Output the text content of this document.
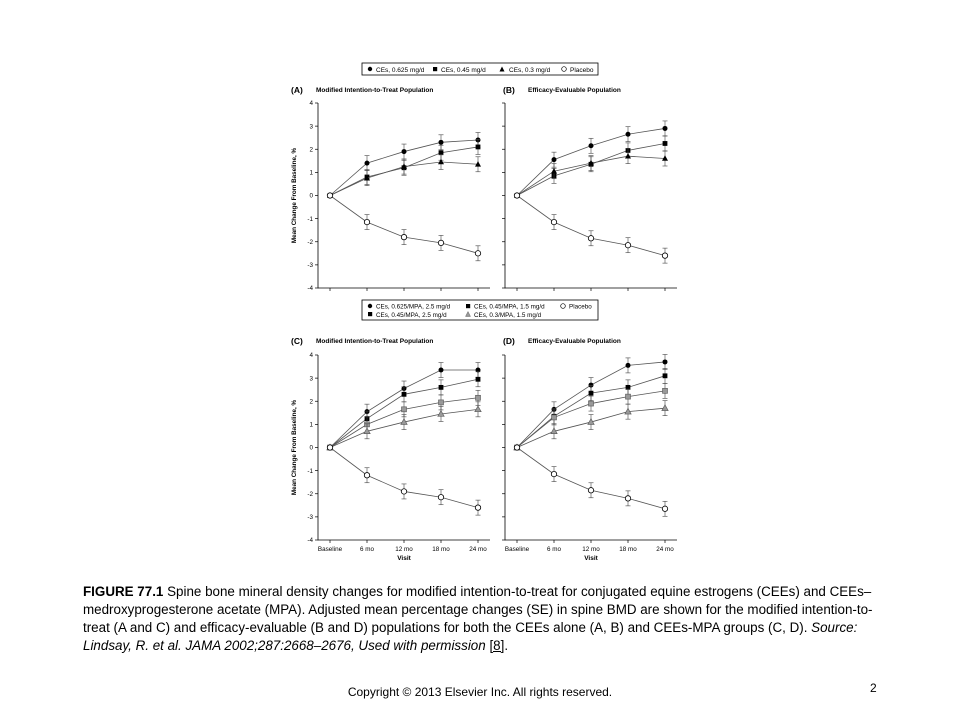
CEs, 0.625 mg/d	CEs, 0.45 mg/d	CEs, 0.3 mg/d	Placebo
CEs, 0.625/MPA, 2.5 mg/d	CEs, 0.45/MPA, 1.5 mg/d	Placebo
CEs, 0.45/MPA, 2.5 mg/d	CEs, 0.3/MPA, 1.5 mg/d
-4
-3
-2
-1
0
1
2
3
4
(A) Modified Intention-to-Treat Population
Mean Change From Baseline, %
(B) Efficacy-Evaluable Population
-4
-3
-2
-1
0
1
2
3
4
Baseline	6 mo	12 mo	18 mo	24 mo
(C) Modified Intention-to-Treat Population
Mean Change From Baseline, %
Visit
Baseline	6 mo	12 mo	18 mo	24 mo
(D) Efficacy-Evaluable Population
Visit
FIGURE 77.1 Spine bone mineral density changes for modified intention-to-treat for conjugated equine estrogens (CEEs) and CEEs–medroxyprogesterone acetate (MPA). Adjusted mean percentage changes (SE) in spine BMD are shown for the modified intention-to-treat (A and C) and efficacy-evaluable (B and D) populations for both the CEEs alone (A, B) and CEEs-MPA groups (C, D). Source: Lindsay, R. et al. JAMA 2002;287:2668–2676, Used with permission [8].
Copyright © 2013 Elsevier Inc. All rights reserved.	2
